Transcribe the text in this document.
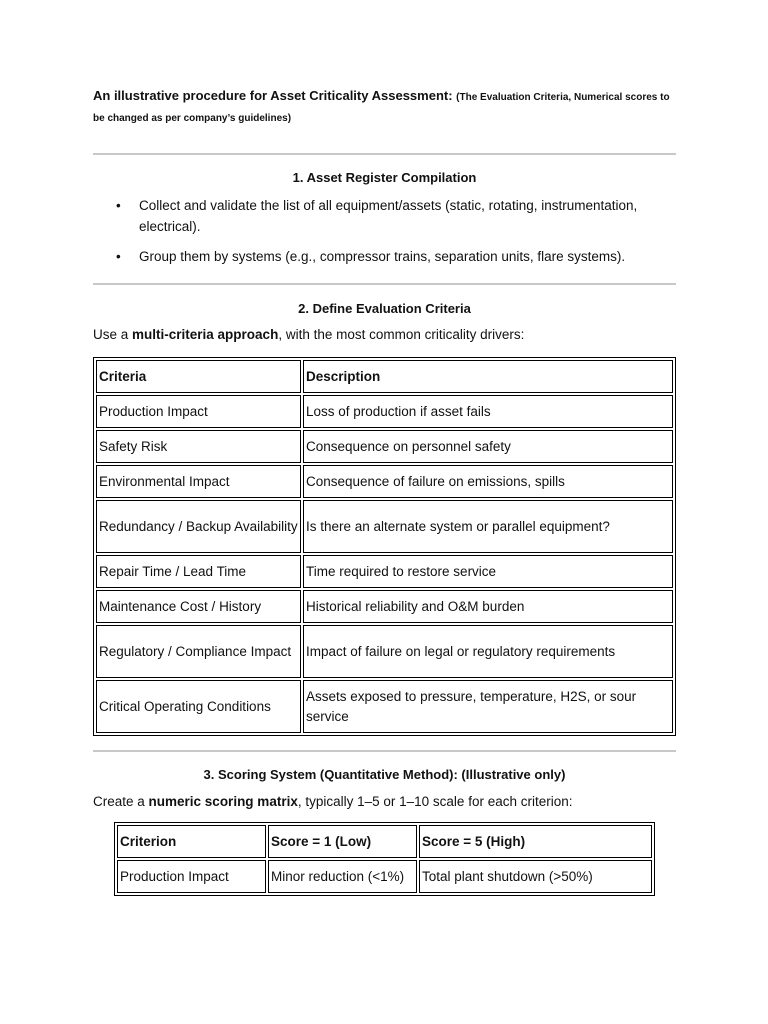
An illustrative procedure for Asset Criticality Assessment: (The Evaluation Criteria, Numerical scores to be changed as per company’s guidelines)

1. Asset Register Compilation
• Collect and validate the list of all equipment/assets (static, rotating, instrumentation, electrical).
• Group them by systems (e.g., compressor trains, separation units, flare systems).
2. Define Evaluation Criteria

Use a multi-criteria approach, with the most common criticality drivers:

Criteria	Description
Production Impact	Loss of production if asset fails
Safety Risk	Consequence on personnel safety
Environmental Impact	Consequence of failure on emissions, spills
Redundancy / Backup Availability	Is there an alternate system or parallel equipment?
Repair Time / Lead Time	Time required to restore service
Maintenance Cost / History	Historical reliability and O&M burden
Regulatory / Compliance Impact	Impact of failure on legal or regulatory requirements
Critical Operating Conditions	Assets exposed to pressure, temperature, H2S, or sour service
3. Scoring System (Quantitative Method): (Illustrative only)

Create a numeric scoring matrix, typically 1–5 or 1–10 scale for each criterion:

Criterion	Score = 1 (Low)	Score = 5 (High)
Production Impact	Minor reduction (<1%)	Total plant shutdown (>50%)
